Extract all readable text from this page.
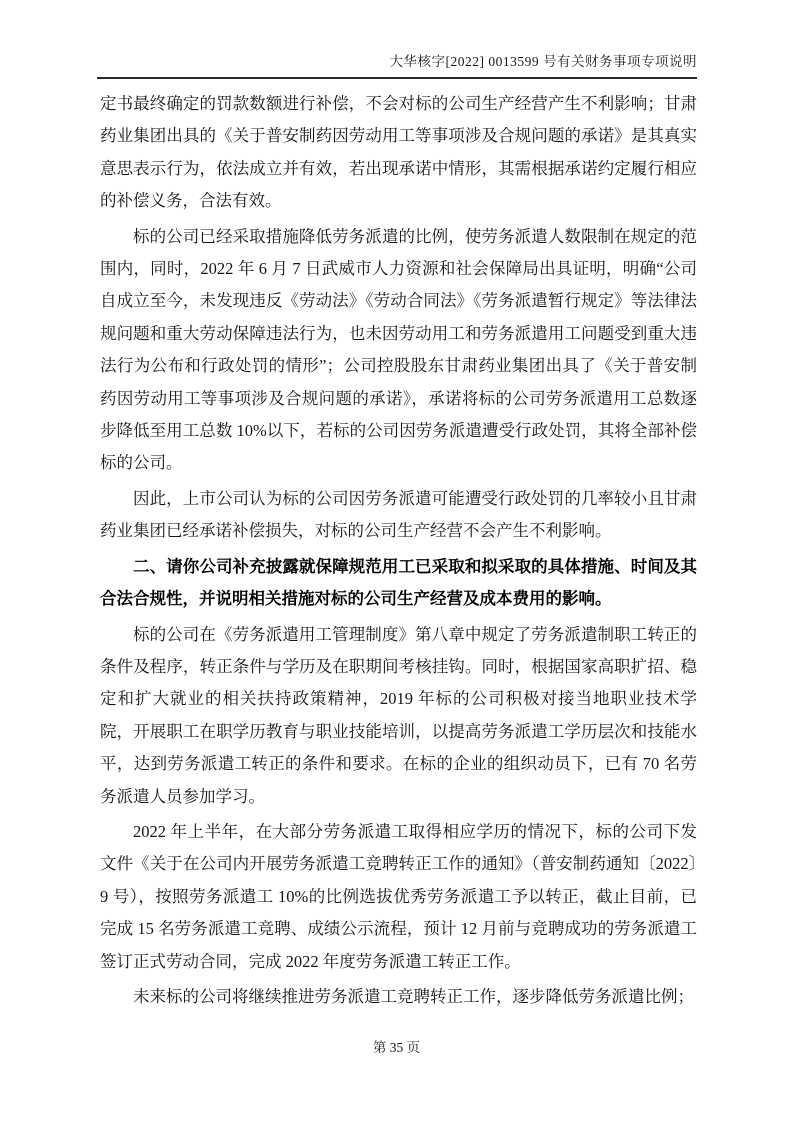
大华核字[2022] 0013599 号有关财务事项专项说明

定书最终确定的罚款数额进行补偿，不会对标的公司生产经营产生不利影响；甘肃药业集团出具的《关于普安制药因劳动用工等事项涉及合规问题的承诺》是其真实意思表示行为，依法成立并有效，若出现承诺中情形，其需根据承诺约定履行相应的补偿义务，合法有效。

标的公司已经采取措施降低劳务派遣的比例，使劳务派遣人数限制在规定的范围内，同时，2022 年 6 月 7 日武威市人力资源和社会保障局出具证明，明确“公司自成立至今，未发现违反《劳动法》《劳动合同法》《劳务派遣暂行规定》等法律法规问题和重大劳动保障违法行为，也未因劳动用工和劳务派遣用工问题受到重大违法行为公布和行政处罚的情形”；公司控股股东甘肃药业集团出具了《关于普安制药因劳动用工等事项涉及合规问题的承诺》，承诺将标的公司劳务派遣用工总数逐步降低至用工总数 10%以下，若标的公司因劳务派遣遭受行政处罚，其将全部补偿标的公司。

因此，上市公司认为标的公司因劳务派遣可能遭受行政处罚的几率较小且甘肃药业集团已经承诺补偿损失，对标的公司生产经营不会产生不利影响。

二、请你公司补充披露就保障规范用工已采取和拟采取的具体措施、时间及其合法合规性，并说明相关措施对标的公司生产经营及成本费用的影响。

标的公司在《劳务派遣用工管理制度》第八章中规定了劳务派遣制职工转正的条件及程序，转正条件与学历及在职期间考核挂钩。同时，根据国家高职扩招、稳定和扩大就业的相关扶持政策精神，2019 年标的公司积极对接当地职业技术学院，开展职工在职学历教育与职业技能培训，以提高劳务派遣工学历层次和技能水平，达到劳务派遣工转正的条件和要求。在标的企业的组织动员下，已有 70 名劳务派遣人员参加学习。

2022 年上半年，在大部分劳务派遣工取得相应学历的情况下，标的公司下发文件《关于在公司内开展劳务派遣工竞聘转正工作的通知》（普安制药通知〔2022〕9 号），按照劳务派遣工 10%的比例选拔优秀劳务派遣工予以转正，截止目前，已完成 15 名劳务派遣工竞聘、成绩公示流程，预计 12 月前与竞聘成功的劳务派遣工签订正式劳动合同，完成 2022 年度劳务派遣工转正工作。

未来标的公司将继续推进劳务派遣工竞聘转正工作，逐步降低劳务派遣比例；

第 35 页
